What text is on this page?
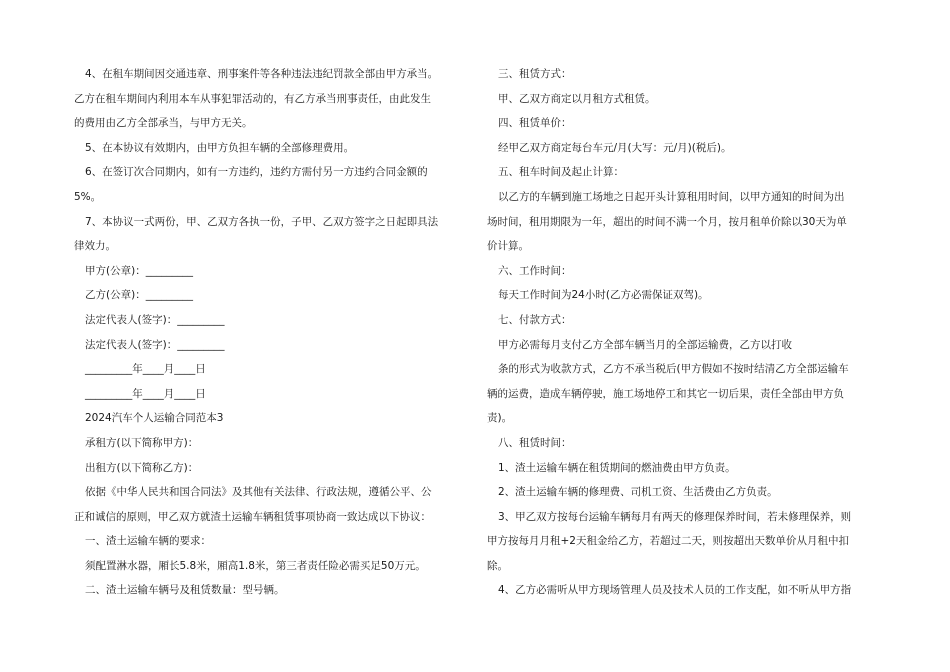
4、在租车期间因交通违章、刑事案件等各种违法违纪罚款全部由甲方承当。

乙方在租车期间内利用本车从事犯罪活动的，有乙方承当刑事责任，由此发生

的费用由乙方全部承当，与甲方无关。

5、在本协议有效期内，由甲方负担车辆的全部修理费用。

6、在签订次合同期内，如有一方违约，违约方需付另一方违约合同金额的

5%。

7、本协议一式两份，甲、乙双方各执一份，子甲、乙双方签字之日起即具法

律效力。

甲方(公章)：_________

乙方(公章)：_________

法定代表人(签字)：_________

法定代表人(签字)：_________

_________年____月____日

_________年____月____日

2024汽车个人运输合同范本3

承租方(以下简称甲方)：

出租方(以下简称乙方)：

依据《中华人民共和国合同法》及其他有关法律、行政法规，遵循公平、公

正和诚信的原则，甲乙双方就渣土运输车辆租赁事项协商一致达成以下协议：

一、渣土运输车辆的要求：

须配置淋水器，厢长5.8米，厢高1.8米，第三者责任险必需买足50万元。

二、渣土运输车辆号及租赁数量：型号辆。

三、租赁方式：

甲、乙双方商定以月租方式租赁。

四、租赁单价：

经甲乙双方商定每台车元/月(大写：元/月)(税后)。

五、租车时间及起止计算：

以乙方的车辆到施工场地之日起开头计算租用时间，以甲方通知的时间为出

场时间，租用期限为一年，超出的时间不满一个月，按月租单价除以30天为单

价计算。

六、工作时间：

每天工作时间为24小时(乙方必需保证双驾)。

七、付款方式：

甲方必需每月支付乙方全部车辆当月的全部运输费，乙方以打收

条的形式为收款方式，乙方不承当税后(甲方假如不按时结清乙方全部运输车

辆的运费，造成车辆停驶，施工场地停工和其它一切后果，责任全部由甲方负

责)。

八、租赁时间：

1、渣土运输车辆在租赁期间的燃油费由甲方负责。

2、渣土运输车辆的修理费、司机工资、生活费由乙方负责。

3、甲乙双方按每台运输车辆每月有两天的修理保养时间，若未修理保养，则

甲方按每月月租+2天租金给乙方，若超过二天，则按超出天数单价从月租中扣

除。

4、乙方必需听从甲方现场管理人员及技术人员的工作支配，如不听从甲方指
